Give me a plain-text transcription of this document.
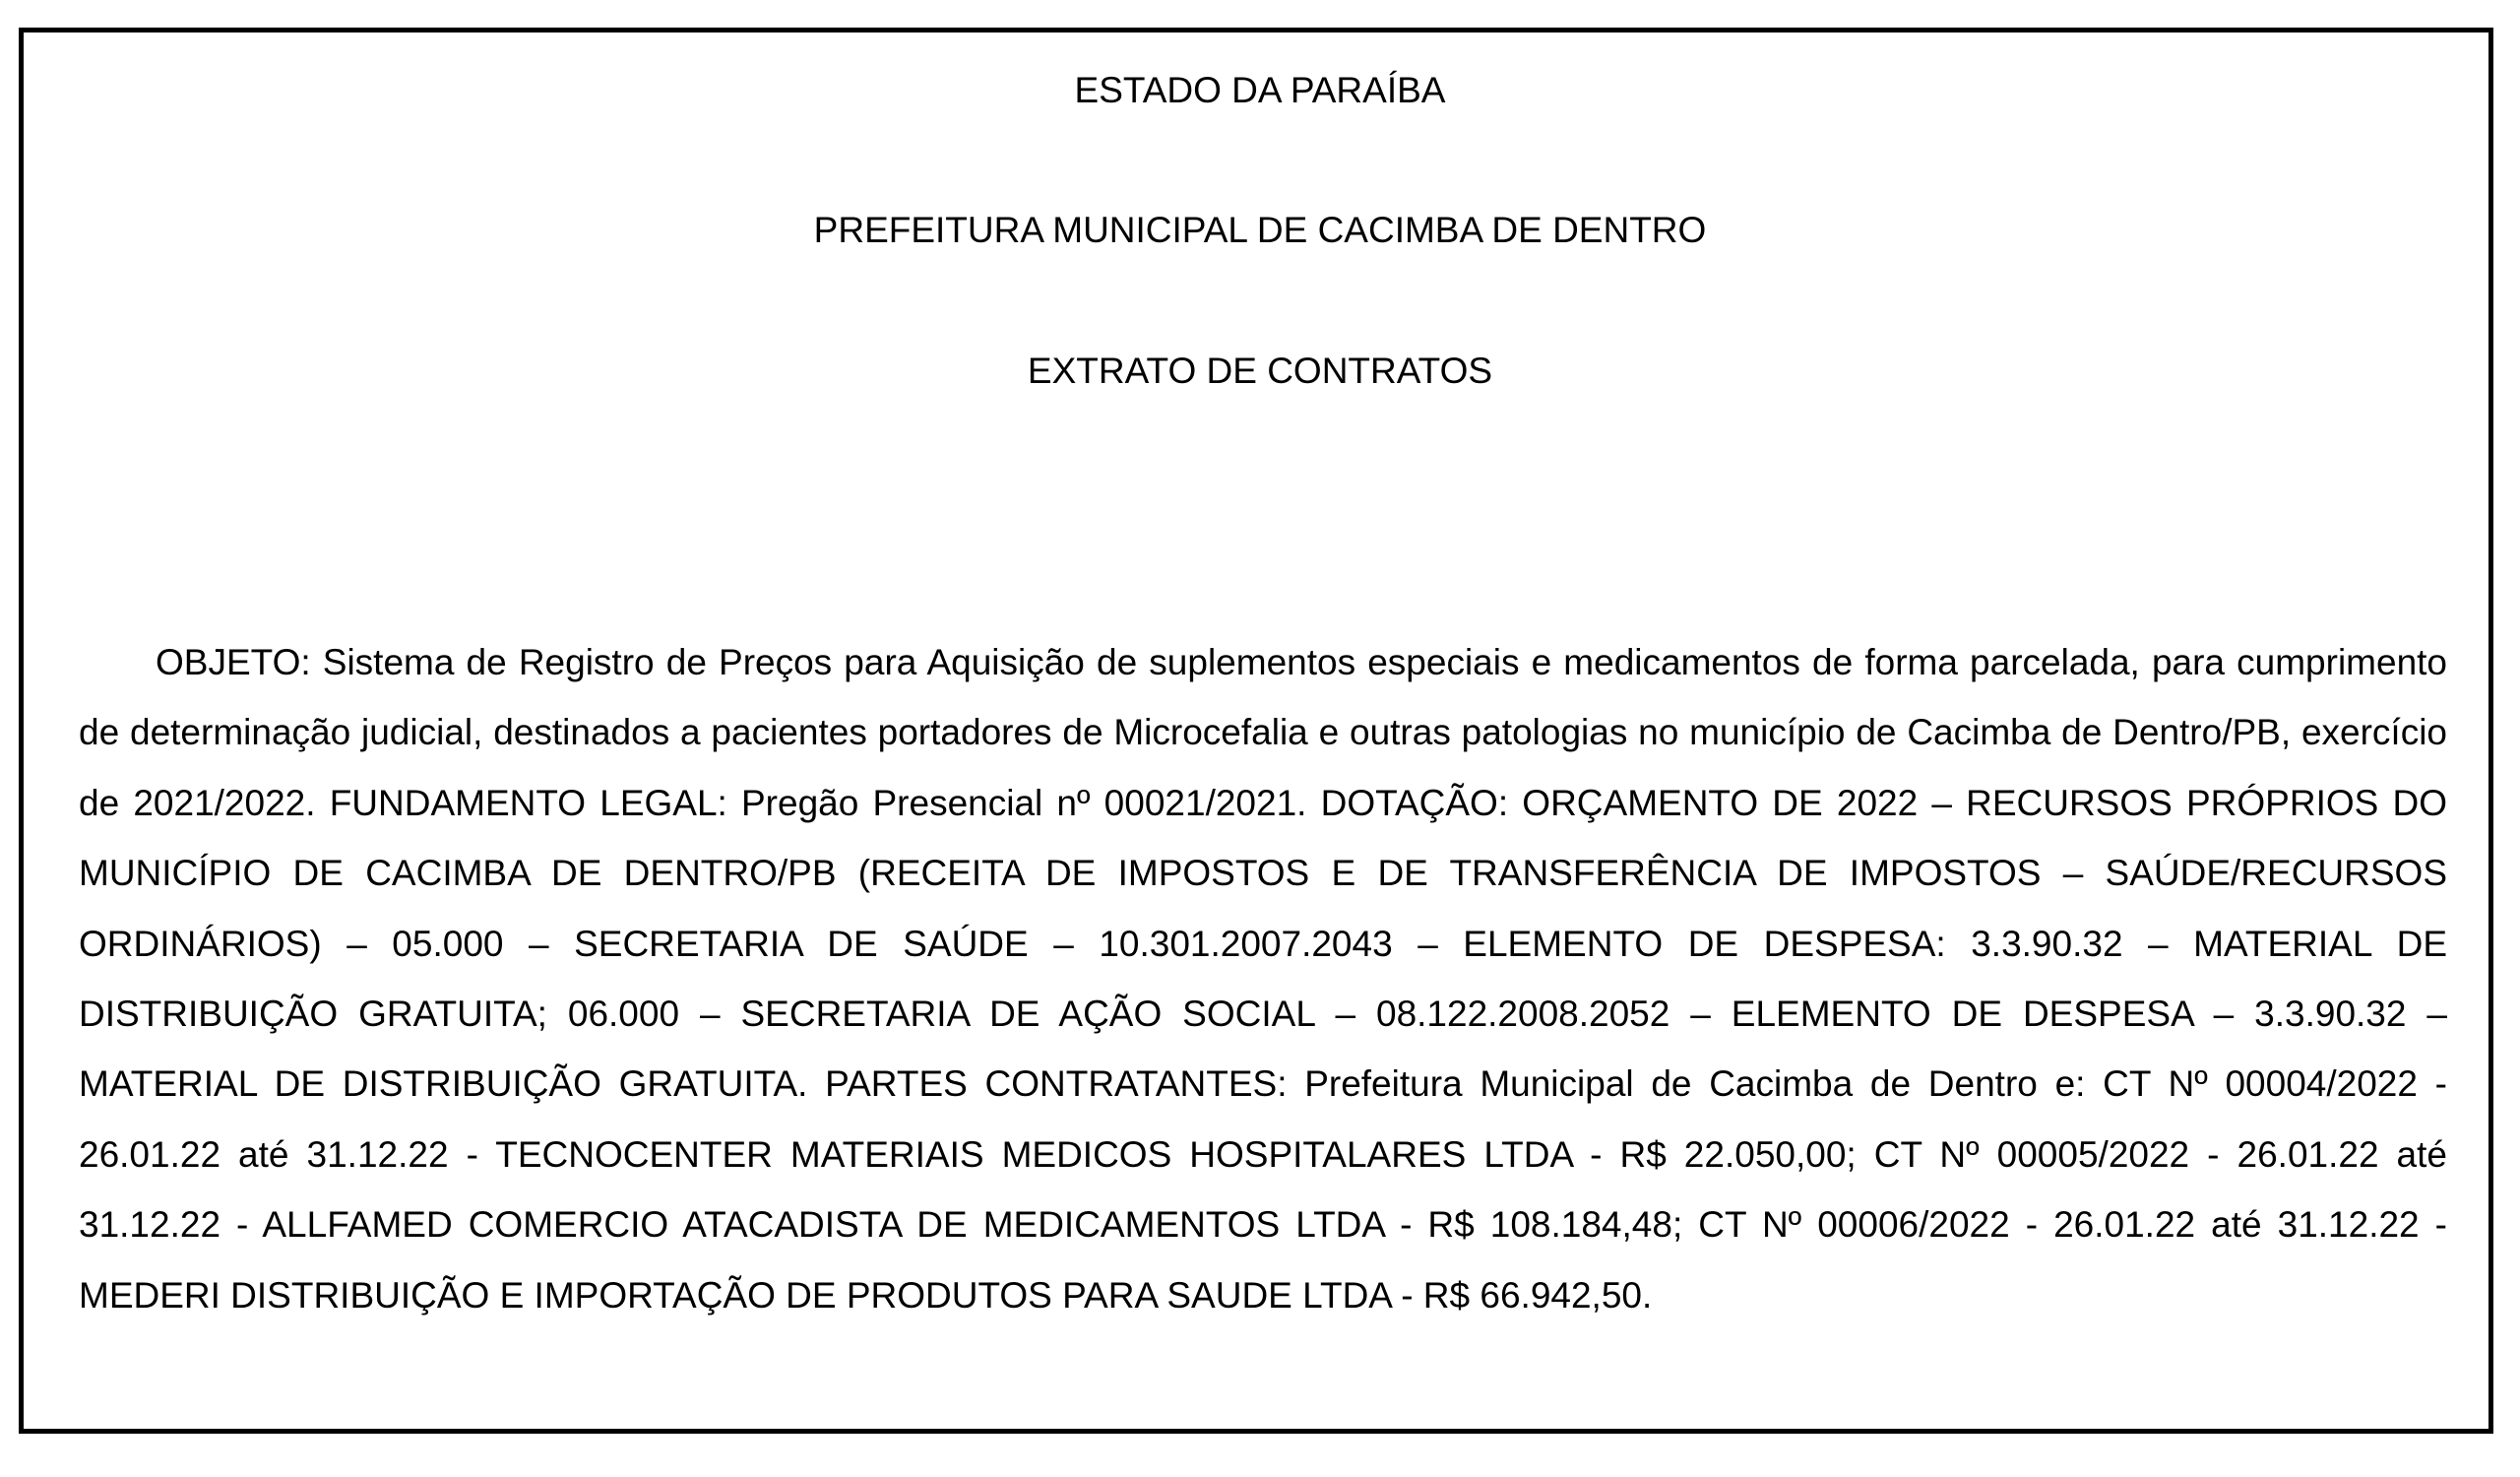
ESTADO DA PARAÍBA
PREFEITURA MUNICIPAL DE CACIMBA DE DENTRO
EXTRATO DE CONTRATOS

OBJETO: Sistema de Registro de Preços para Aquisição de suplementos especiais e medicamentos de forma parcelada, para cumprimento de determinação judicial, destinados a pacientes portadores de Microcefalia e outras patologias no município de Cacimba de Dentro/PB, exercício de 2021/2022. FUNDAMENTO LEGAL: Pregão Presencial nº 00021/2021. DOTAÇÃO: ORÇAMENTO DE 2022 – RECURSOS PRÓPRIOS DO MUNICÍPIO DE CACIMBA DE DENTRO/PB (RECEITA DE IMPOSTOS E DE TRANSFERÊNCIA DE IMPOSTOS – SAÚDE/RECURSOS ORDINÁRIOS) – 05.000 – SECRETARIA DE SAÚDE – 10.301.2007.2043 – ELEMENTO DE DESPESA: 3.3.90.32 – MATERIAL DE DISTRIBUIÇÃO GRATUITA; 06.000 – SECRETARIA DE AÇÃO SOCIAL – 08.122.2008.2052 – ELEMENTO DE DESPESA – 3.3.90.32 – MATERIAL DE DISTRIBUIÇÃO GRATUITA. PARTES CONTRATANTES: Prefeitura Municipal de Cacimba de Dentro e: CT Nº 00004/2022 - 26.01.22 até 31.12.22 - TECNOCENTER MATERIAIS MEDICOS HOSPITALARES LTDA - R$ 22.050,00; CT Nº 00005/2022 - 26.01.22 até 31.12.22 - ALLFAMED COMERCIO ATACADISTA DE MEDICAMENTOS LTDA - R$ 108.184,48; CT Nº 00006/2022 - 26.01.22 até 31.12.22 - MEDERI DISTRIBUIÇÃO E IMPORTAÇÃO DE PRODUTOS PARA SAUDE LTDA - R$ 66.942,50.
